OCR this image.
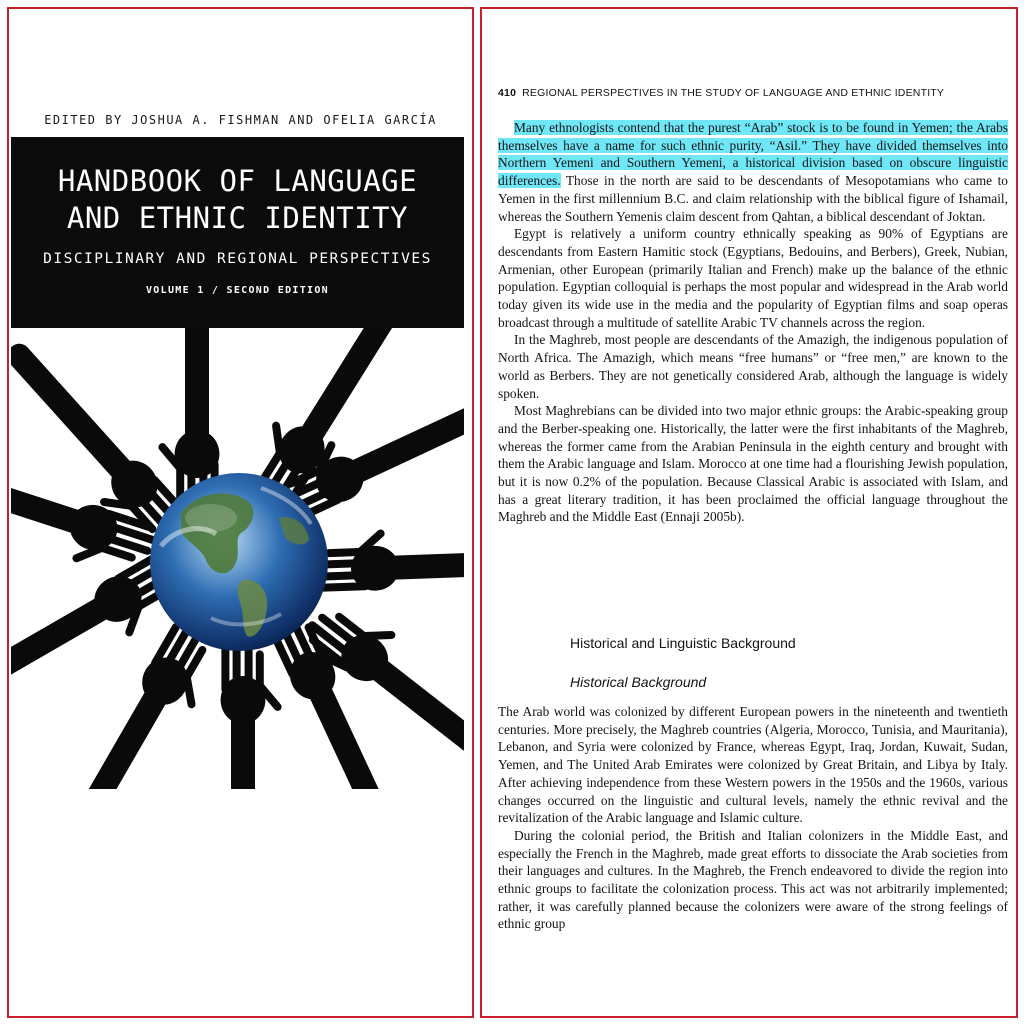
EDITED BY JOSHUA A. FISHMAN AND OFELIA GARCÍA
HANDBOOK OF LANGUAGE
AND ETHNIC IDENTITY
DISCIPLINARY AND REGIONAL PERSPECTIVES
VOLUME 1 / SECOND EDITION
410 REGIONAL PERSPECTIVES IN THE STUDY OF LANGUAGE AND ETHNIC IDENTITY

Many ethnologists contend that the purest “Arab” stock is to be found in Yemen; the Arabs themselves have a name for such ethnic purity, “Asil.” They have divided themselves into Northern Yemeni and Southern Yemeni, a historical division based on obscure linguistic differences. Those in the north are said to be descendants of Mesopotamians who came to Yemen in the first millennium B.C. and claim relationship with the biblical figure of Ishamail, whereas the Southern Yemenis claim descent from Qahtan, a biblical descendant of Joktan.

Egypt is relatively a uniform country ethnically speaking as 90% of Egyptians are descendants from Eastern Hamitic stock (Egyptians, Bedouins, and Berbers), Greek, Nubian, Armenian, other European (primarily Italian and French) make up the balance of the ethnic population. Egyptian colloquial is perhaps the most popular and widespread in the Arab world today given its wide use in the media and the popularity of Egyptian films and soap operas broadcast through a multitude of satellite Arabic TV channels across the region.

In the Maghreb, most people are descendants of the Amazigh, the indigenous population of North Africa. The Amazigh, which means “free humans” or “free men,” are known to the world as Berbers. They are not genetically considered Arab, although the language is widely spoken.

Most Maghrebians can be divided into two major ethnic groups: the Arabic-speaking group and the Berber-speaking one. Historically, the latter were the first inhabitants of the Maghreb, whereas the former came from the Arabian Peninsula in the eighth century and brought with them the Arabic language and Islam. Morocco at one time had a flourishing Jewish population, but it is now 0.2% of the population. Because Classical Arabic is associated with Islam, and has a great literary tradition, it has been proclaimed the official language throughout the Maghreb and the Middle East (Ennaji 2005b).

Historical and Linguistic Background
Historical Background

The Arab world was colonized by different European powers in the nineteenth and twentieth centuries. More precisely, the Maghreb countries (Algeria, Morocco, Tunisia, and Mauritania), Lebanon, and Syria were colonized by France, whereas Egypt, Iraq, Jordan, Kuwait, Sudan, Yemen, and The United Arab Emirates were colonized by Great Britain, and Libya by Italy. After achieving independence from these Western powers in the 1950s and the 1960s, various changes occurred on the linguistic and cultural levels, namely the ethnic revival and the revitalization of the Arabic language and Islamic culture.

During the colonial period, the British and Italian colonizers in the Middle East, and especially the French in the Maghreb, made great efforts to dissociate the Arab societies from their languages and cultures. In the Maghreb, the French endeavored to divide the region into ethnic groups to facilitate the colonization process. This act was not arbitrarily implemented; rather, it was carefully planned because the colonizers were aware of the strong feelings of ethnic group
